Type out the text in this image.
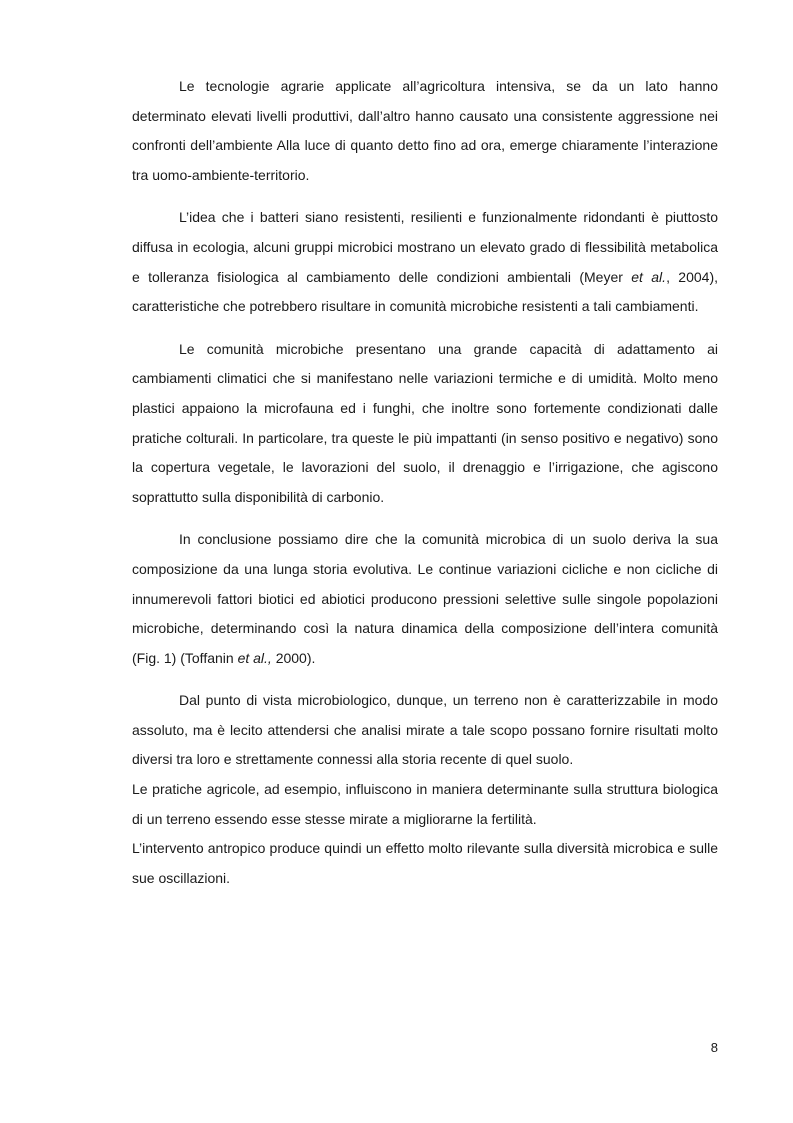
Le tecnologie agrarie applicate all’agricoltura intensiva, se da un lato hanno determinato elevati livelli produttivi, dall’altro hanno causato una consistente aggressione nei confronti dell’ambiente Alla luce di quanto detto fino ad ora, emerge chiaramente l’interazione tra uomo-ambiente-territorio.

L’idea che i batteri siano resistenti, resilienti e funzionalmente ridondanti è piuttosto diffusa in ecologia, alcuni gruppi microbici mostrano un elevato grado di flessibilità metabolica e tolleranza fisiologica al cambiamento delle condizioni ambientali (Meyer et al., 2004), caratteristiche che potrebbero risultare in comunità microbiche resistenti a tali cambiamenti.

Le comunità microbiche presentano una grande capacità di adattamento ai cambiamenti climatici che si manifestano nelle variazioni termiche e di umidità. Molto meno plastici appaiono la microfauna ed i funghi, che inoltre sono fortemente condizionati dalle pratiche colturali. In particolare, tra queste le più impattanti (in senso positivo e negativo) sono la copertura vegetale, le lavorazioni del suolo, il drenaggio e l’irrigazione, che agiscono soprattutto sulla disponibilità di carbonio.

In conclusione possiamo dire che la comunità microbica di un suolo deriva la sua composizione da una lunga storia evolutiva. Le continue variazioni cicliche e non cicliche di innumerevoli fattori biotici ed abiotici producono pressioni selettive sulle singole popolazioni microbiche, determinando così la natura dinamica della composizione dell’intera comunità (Fig. 1) (Toffanin et al., 2000).

Dal punto di vista microbiologico, dunque, un terreno non è caratterizzabile in modo assoluto, ma è lecito attendersi che analisi mirate a tale scopo possano fornire risultati molto diversi tra loro e strettamente connessi alla storia recente di quel suolo.

Le pratiche agricole, ad esempio, influiscono in maniera determinante sulla struttura biologica di un terreno essendo esse stesse mirate a migliorarne la fertilità.

L’intervento antropico produce quindi un effetto molto rilevante sulla diversità microbica e sulle sue oscillazioni.

8
